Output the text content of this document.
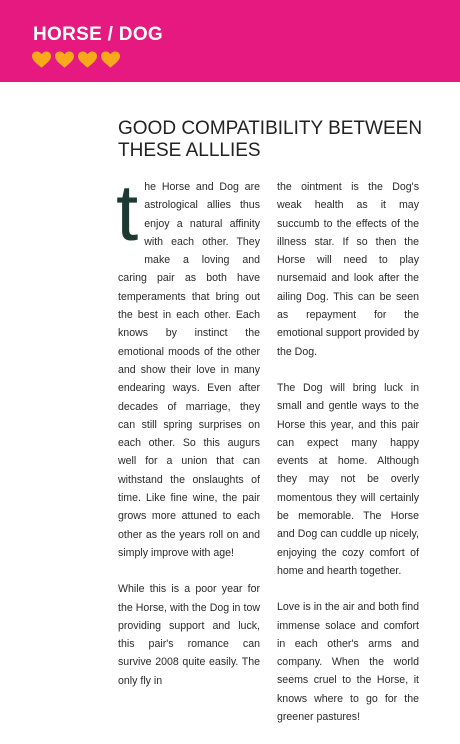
HORSE / DOG
GOOD COMPATIBILITY BETWEEN
THESE ALLLIES

the Horse and Dog are astrological allies thus enjoy a natural affinity with each other. They make a loving and caring pair as both have temperaments that bring out the best in each other. Each knows by instinct the emotional moods of the other and show their love in many endearing ways. Even after decades of marriage, they can still spring surprises on each other. So this augurs well for a union that can withstand the onslaughts of time. Like fine wine, the pair grows more attuned to each other as the years roll on and simply improve with age!

While this is a poor year for the Horse, with the Dog in tow providing support and luck, this pair's romance can survive 2008 quite easily. The only fly in

the ointment is the Dog's weak health as it may succumb to the effects of the illness star. If so then the Horse will need to play nursemaid and look after the ailing Dog. This can be seen as repayment for the emotional support provided by the Dog.

The Dog will bring luck in small and gentle ways to the Horse this year, and this pair can expect many happy events at home. Although they may not be overly momentous they will certainly be memorable. The Horse and Dog can cuddle up nicely, enjoying the cozy comfort of home and hearth together.

Love is in the air and both find immense solace and comfort in each other's arms and company. When the world seems cruel to the Horse, it knows where to go for the greener pastures!
